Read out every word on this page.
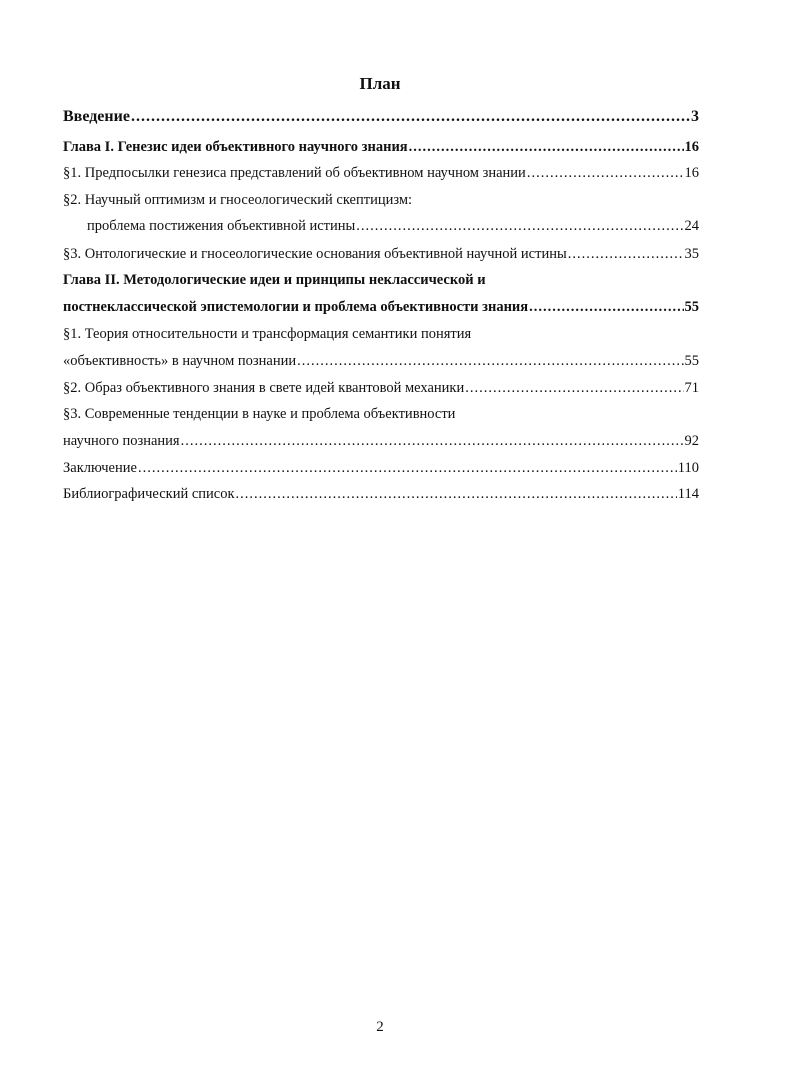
План
Введение .....	3
Глава I. Генезис идеи объективного научного знания .....	16
§1. Предпосылки генезиса представлений об объективном научном знании .....	16
§2. Научный оптимизм и гносеологический скептицизм:
проблема постижения объективной истины .....	24
§3. Онтологические и гносеологические основания объективной научной истины .....	35
Глава II. Методологические идеи и принципы неклассической и
постнеклассической эпистемологии и проблема объективности знания .....	55
§1. Теория относительности и трансформация семантики понятия
«объективность» в научном познании .....	55
§2. Образ объективного знания в свете идей квантовой механики .....	71
§3. Современные тенденции в науке и проблема объективности
научного познания .....	92
Заключение .....	110
Библиографический список .....	114
2
